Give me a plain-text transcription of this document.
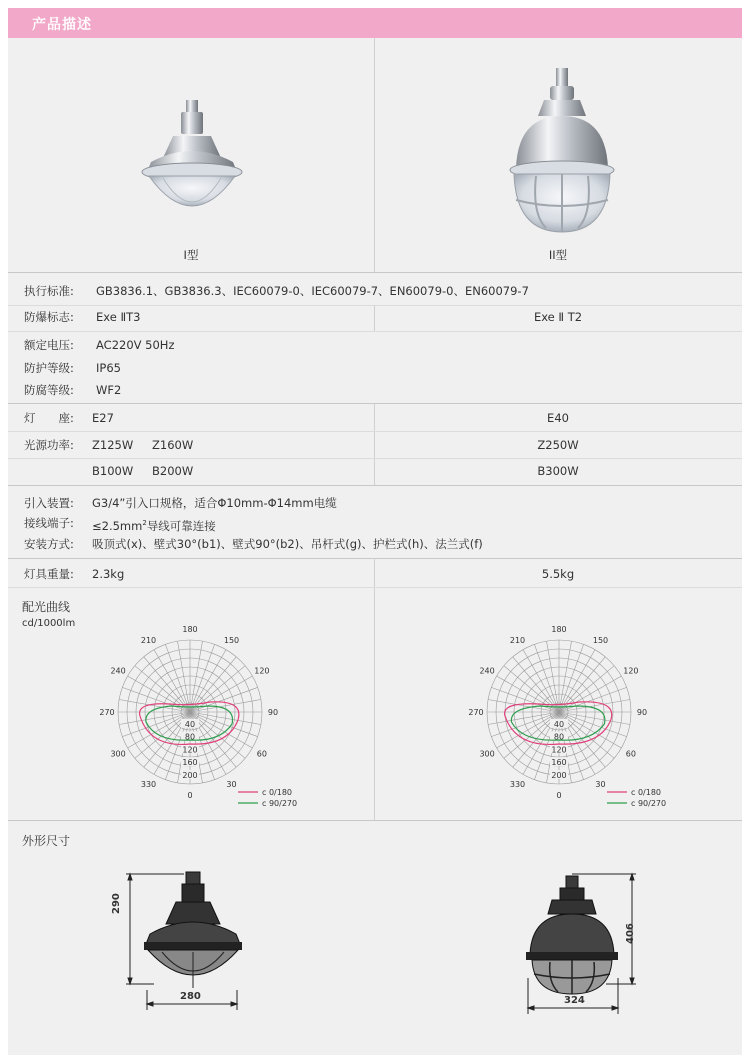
产品描述
I型	II型
执行标准: GB3836.1、GB3836.3、IEC60079-0、IEC60079-7、EN60079-0、EN60079-7
防爆标志: Exe ⅡT3	Exe Ⅱ T2
额定电压: AC220V 50Hz
防护等级: IP65
防腐等级: WF2
灯　　座: E27	E40
光源功率: Z125W Z160W	Z250W
B100W B200W	B300W
引入装置: G3/4”引入口规格，适合Φ10mm-Φ14mm电缆
接线端子: $\le 2.5mm^2$导线可靠连接
安装方式: 吸顶式(x)、壁式30°(b1)、壁式90°(b2)、吊杆式(g)、护栏式(h)、法兰式(f)
灯具重量: 2.3kg	5.5kg
配光曲线
cd/1000lm
180
150
120
90
60
30
0
330
300
270
240
210
40
80
120
160
200
c 0/180
c 90/270
180
150
120
90
60
30
0
330
300
270
240
210
40
80
120
160
200
c 0/180
c 90/270
外形尺寸
290
280
406
324
